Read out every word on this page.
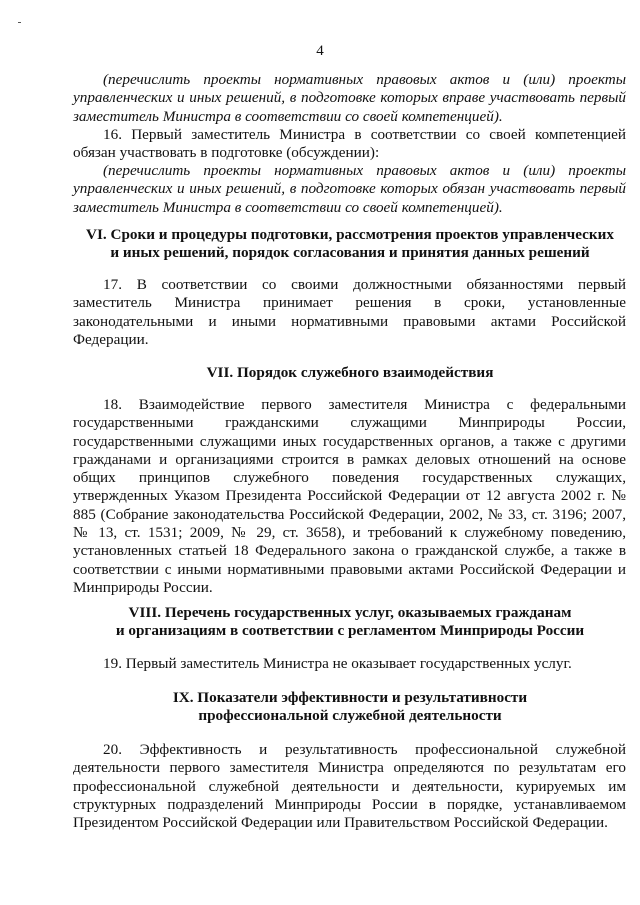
4

(перечислить проекты нормативных правовых актов и (или) проекты управленческих и иных решений, в подготовке которых вправе участвовать первый заместитель Министра в соответствии со своей компетенцией).

16. Первый заместитель Министра в соответствии со своей компетенцией обязан участвовать в подготовке (обсуждении):

(перечислить проекты нормативных правовых актов и (или) проекты управленческих и иных решений, в подготовке которых обязан участвовать первый заместитель Министра в соответствии со своей компетенцией).

VI. Сроки и процедуры подготовки, рассмотрения проектов управленческих
и иных решений, порядок согласования и принятия данных решений

17. В соответствии со своими должностными обязанностями первый заместитель Министра принимает решения в сроки, установленные законодательными и иными нормативными правовыми актами Российской Федерации.

VII. Порядок служебного взаимодействия

18. Взаимодействие первого заместителя Министра с федеральными государственными гражданскими служащими Минприроды России, государственными служащими иных государственных органов, а также с другими гражданами и организациями строится в рамках деловых отношений на основе общих принципов служебного поведения государственных служащих, утвержденных Указом Президента Российской Федерации от 12 августа 2002 г. № 885 (Собрание законодательства Российской Федерации, 2002, № 33, ст. 3196; 2007, № 13, ст. 1531; 2009, № 29, ст. 3658), и требований к служебному поведению, установленных статьей 18 Федерального закона о гражданской службе, а также в соответствии с иными нормативными правовыми актами Российской Федерации и Минприроды России.

VIII. Перечень государственных услуг, оказываемых гражданам
и организациям в соответствии с регламентом Минприроды России

19. Первый заместитель Министра не оказывает государственных услуг.

IX. Показатели эффективности и результативности
профессиональной служебной деятельности

20. Эффективность и результативность профессиональной служебной деятельности первого заместителя Министра определяются по результатам его профессиональной служебной деятельности и деятельности, курируемых им структурных подразделений Минприроды России в порядке, устанавливаемом Президентом Российской Федерации или Правительством Российской Федерации.
